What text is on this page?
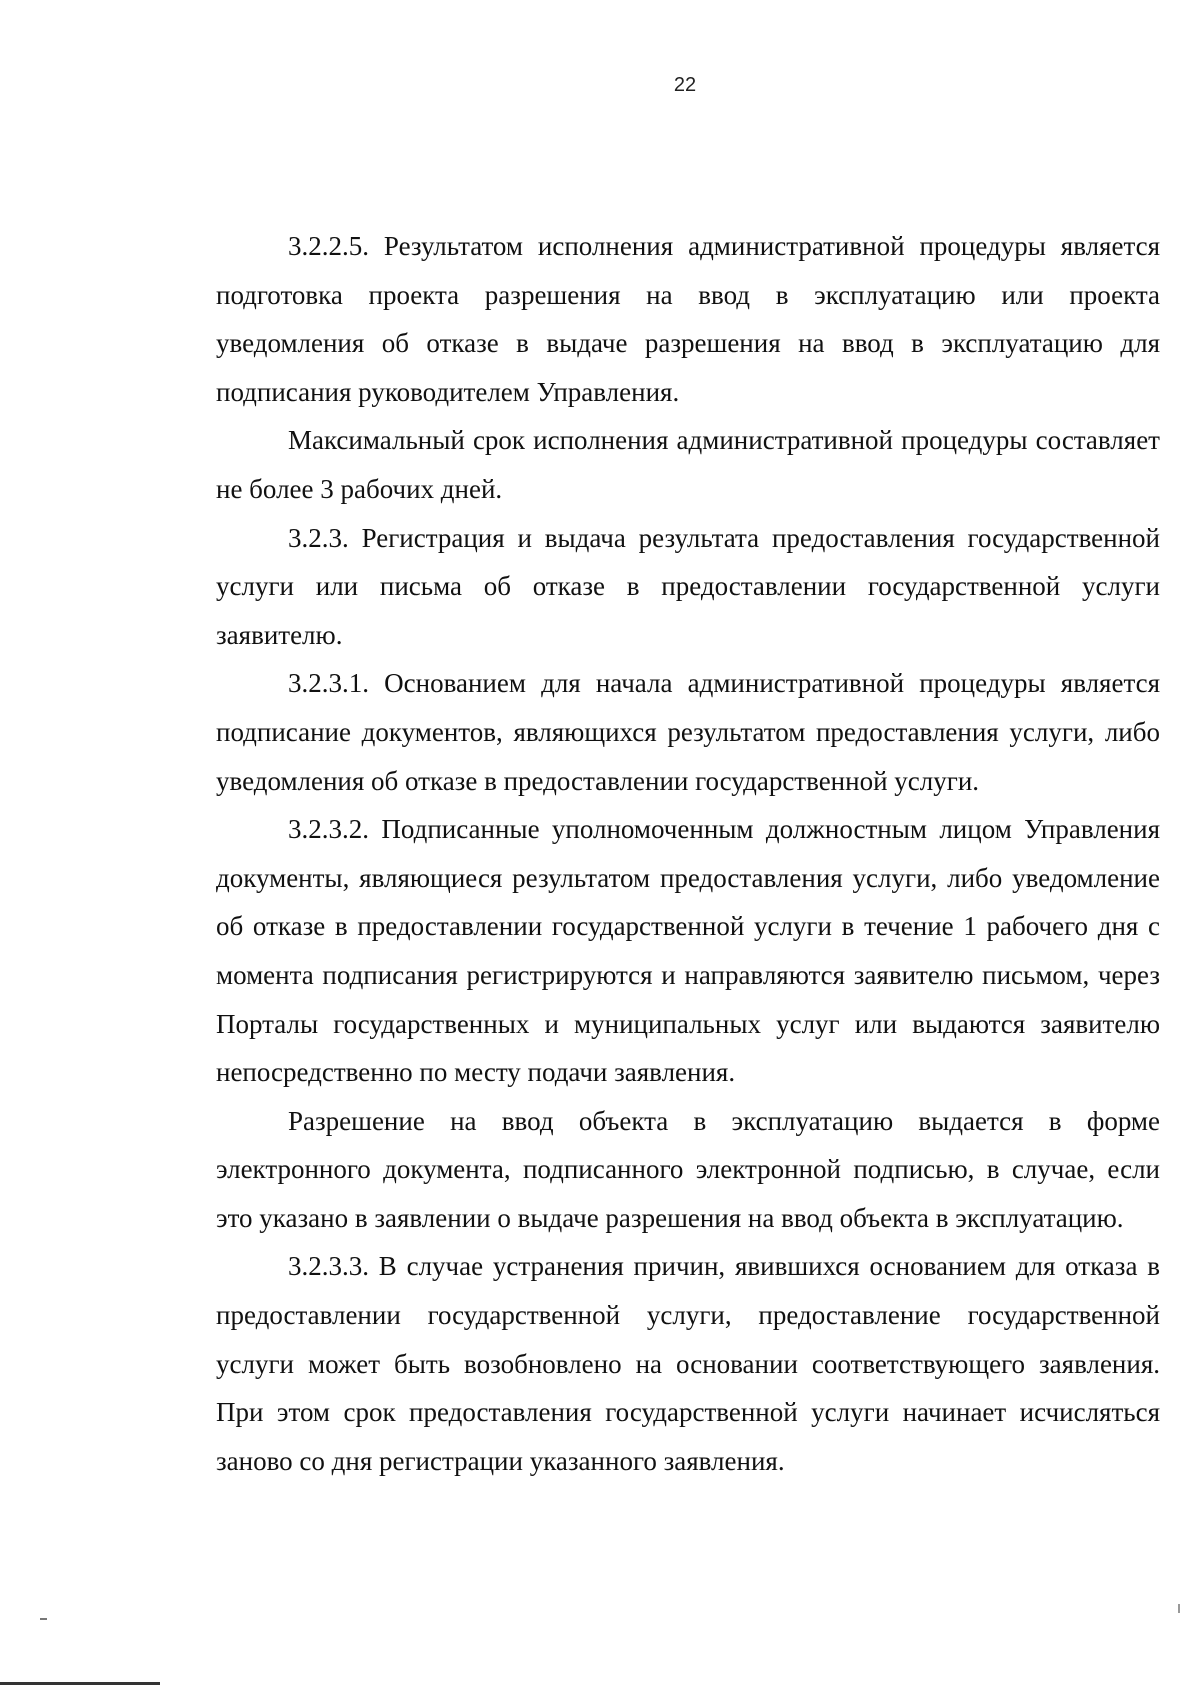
22

3.2.2.5. Результатом исполнения административной процедуры является подготовка проекта разрешения на ввод в эксплуатацию или проекта уведомления об отказе в выдаче разрешения на ввод в эксплуатацию для подписания руководителем Управления.

Максимальный срок исполнения административной процедуры составляет не более 3 рабочих дней.

3.2.3. Регистрация и выдача результата предоставления государственной услуги или письма об отказе в предоставлении государственной услуги заявителю.

3.2.3.1. Основанием для начала административной процедуры является подписание документов, являющихся результатом предоставления услуги, либо уведомления об отказе в предоставлении государственной услуги.

3.2.3.2. Подписанные уполномоченным должностным лицом Управления документы, являющиеся результатом предоставления услуги, либо уведомление об отказе в предоставлении государственной услуги в течение 1 рабочего дня с момента подписания регистрируются и направляются заявителю письмом, через Порталы государственных и муниципальных услуг или выдаются заявителю непосредственно по месту подачи заявления.

Разрешение на ввод объекта в эксплуатацию выдается в форме электронного документа, подписанного электронной подписью, в случае, если это указано в заявлении о выдаче разрешения на ввод объекта в эксплуатацию.

3.2.3.3. В случае устранения причин, явившихся основанием для отказа в предоставлении государственной услуги, предоставление государственной услуги может быть возобновлено на основании соответствующего заявления. При этом срок предоставления государственной услуги начинает исчисляться заново со дня регистрации указанного заявления.
